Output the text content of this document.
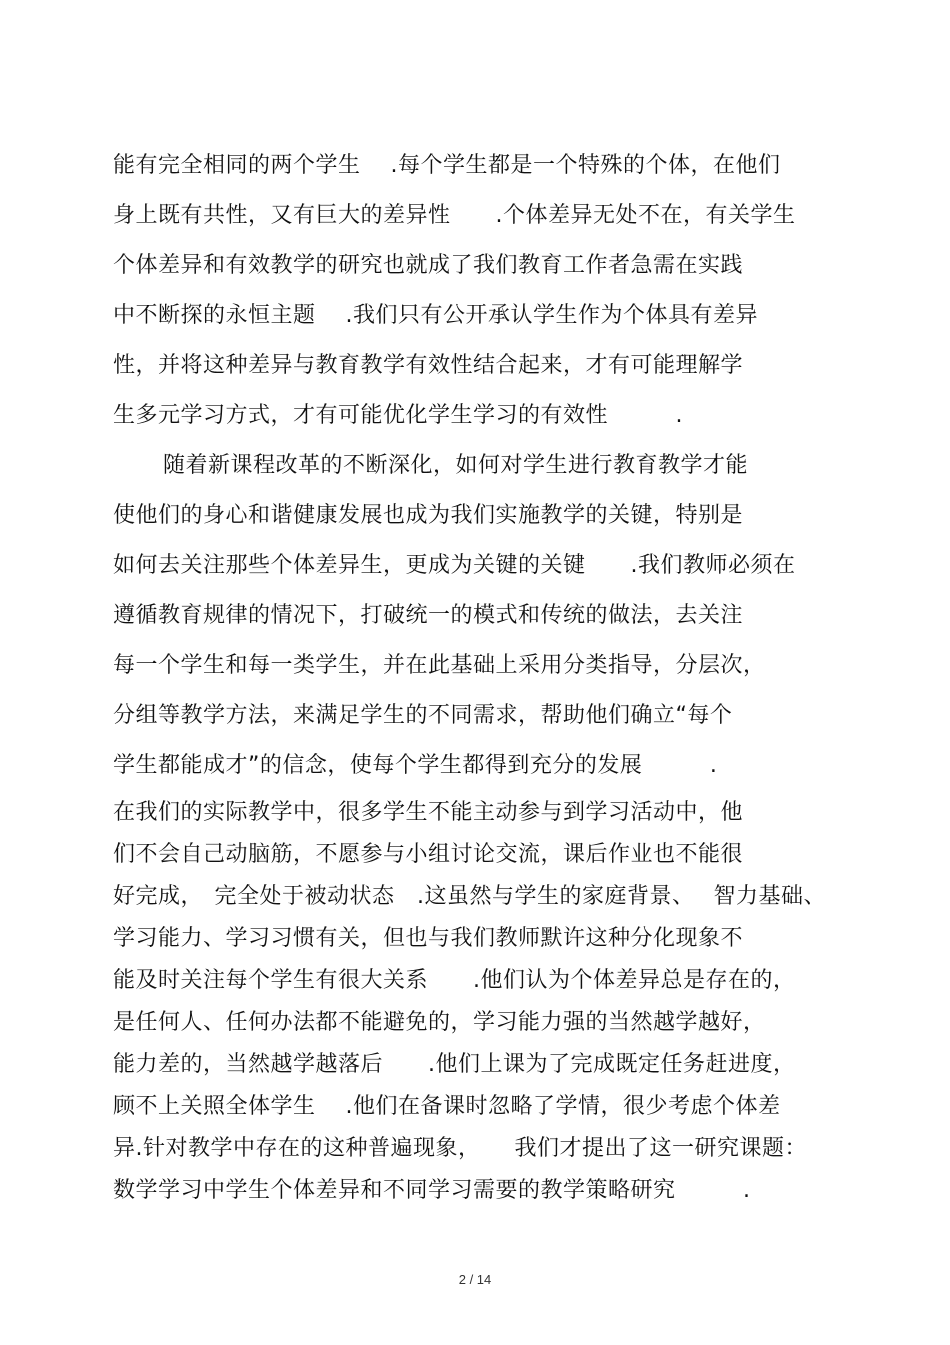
能有完全相同的两个学生　 .每个学生都是一个特殊的个体，在他们

身上既有共性，又有巨大的差异性　　.个体差异无处不在，有关学生

个体差异和有效教学的研究也就成了我们教育工作者急需在实践

中不断探的永恒主题　 .我们只有公开承认学生作为个体具有差异

性，并将这种差异与教育教学有效性结合起来，才有可能理解学

生多元学习方式，才有可能优化学生学习的有效性　　　.

随着新课程改革的不断深化，如何对学生进行教育教学才能

使他们的身心和谐健康发展也成为我们实施教学的关键，特别是

如何去关注那些个体差异生，更成为关键的关键　　.我们教师必须在

遵循教育规律的情况下，打破统一的模式和传统的做法，去关注

每一个学生和每一类学生，并在此基础上采用分类指导，分层次，

分组等教学方法，来满足学生的不同需求，帮助他们确立“每个

学生都能成才”的信念，使每个学生都得到充分的发展　　　.

在我们的实际教学中，很多学生不能主动参与到学习活动中，他

们不会自己动脑筋，不愿参与小组讨论交流，课后作业也不能很

好完成，　完全处于被动状态　.这虽然与学生的家庭背景、　 智力基础、

学习能力、学习习惯有关，但也与我们教师默许这种分化现象不

能及时关注每个学生有很大关系　　.他们认为个体差异总是存在的，

是任何人、任何办法都不能避免的，学习能力强的当然越学越好，

能力差的，当然越学越落后　　.他们上课为了完成既定任务赶进度，

顾不上关照全体学生　 .他们在备课时忽略了学情，很少考虑个体差

异.针对教学中存在的这种普遍现象，　　我们才提出了这一研究课题：

数学学习中学生个体差异和不同学习需要的教学策略研究　　　.

2 / 14
